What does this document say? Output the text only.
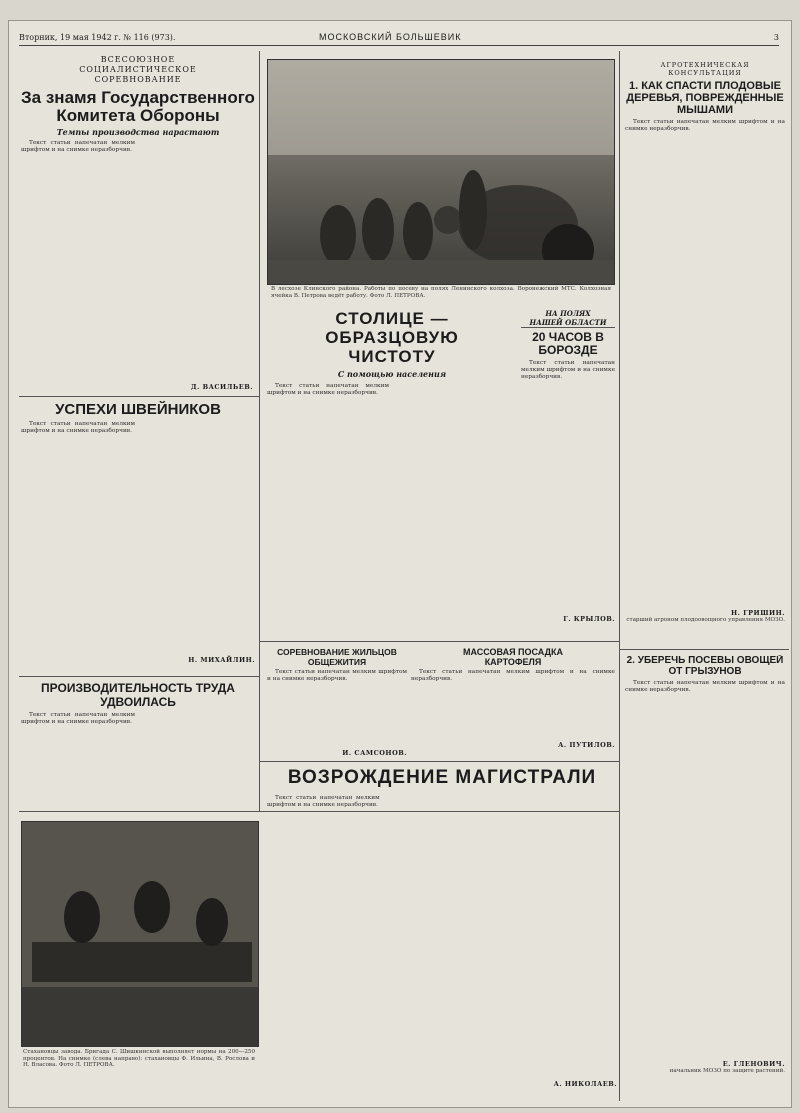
Вторник, 19 мая 1942 г. № 116 (973).	МОСКОВСКИЙ БОЛЬШЕВИК	3
ВСЕСОЮЗНОЕ СОЦИАЛИСТИЧЕСКОЕ СОРЕВНОВАНИЕ
За знамя Государственного Комитета Обороны
Темпы производства нарастают

Текст статьи напечатан мелким шрифтом и на снимке неразборчив.

Д. ВАСИЛЬЕВ.
В лесхозе Клинского района. Работы по посеву на полях Ленинского колхоза. Воронежский МТС. Колхозная ячейка В. Петрова ведёт работу. Фото Л. ПЕТРОВА.
СТОЛИЦЕ — ОБРАЗЦОВУЮ ЧИСТОТУ
С помощью населения

Текст статьи напечатан мелким шрифтом и на снимке неразборчив.

НА ПОЛЯХ
НАШЕЙ ОБЛАСТИ
20 ЧАСОВ В БОРОЗДЕ

Текст статьи напечатан мелким шрифтом и на снимке неразборчив.

Г. КРЫЛОВ.
АГРОТЕХНИЧЕСКАЯ КОНСУЛЬТАЦИЯ
1. КАК СПАСТИ ПЛОДОВЫЕ ДЕРЕВЬЯ, ПОВРЕЖДЕННЫЕ МЫШАМИ

Текст статьи напечатан мелким шрифтом и на снимке неразборчив.

Н. ГРИШИН.
старший агроном плодоовощного управления МОЗО.
УСПЕХИ ШВЕЙНИКОВ

Текст статьи напечатан мелким шрифтом и на снимке неразборчив.

Н. МИХАЙЛИН.
СОРЕВНОВАНИЕ ЖИЛЬЦОВ ОБЩЕЖИТИЯ

Текст статьи напечатан мелким шрифтом и на снимке неразборчив.

И. САМСОНОВ.
МАССОВАЯ ПОСАДКА КАРТОФЕЛЯ

Текст статьи напечатан мелким шрифтом и на снимке неразборчив.

А. ПУТИЛОВ.
2. УБЕРЕЧЬ ПОСЕВЫ ОВОЩЕЙ ОТ ГРЫЗУНОВ

Текст статьи напечатан мелким шрифтом и на снимке неразборчив.

Е. ГЛЕНОВИЧ.
начальник МОЗО по защите растений.
ПРОИЗВОДИТЕЛЬНОСТЬ ТРУДА УДВОИЛАСЬ

Текст статьи напечатан мелким шрифтом и на снимке неразборчив.

ВОЗРОЖДЕНИЕ МАГИСТРАЛИ

Текст статьи напечатан мелким шрифтом и на снимке неразборчив.

А. НИКОЛАЕВ.
Стахановцы завода. Бригада С. Шишкинской выполняет нормы на 200—250 процентов. На снимке (слева направо): стахановцы Ф. Ильина, В. Рослова и Н. Власова. Фото Л. ПЕТРОВА.
